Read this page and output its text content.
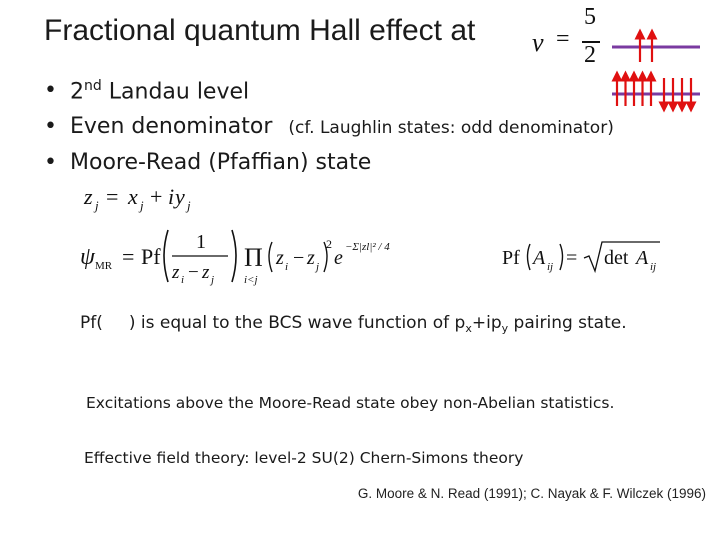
Fractional quantum Hall effect at ν =
5
2
• 2nd Landau level
• Even denominator (cf. Laughlin states: odd denominator)
• Moore-Read (Pfaffian) state
z j = x j + i y j
ψ MR = Pf
1
z i − z j
Π
i<j
z i − z j
2
e −Σ|zl|² / 4	Pf A ij = det A ij
Pf( ) is equal to the BCS wave function of $p_x+ip_y$ pairing state.
Excitations above the Moore-Read state obey non-Abelian statistics.
Effective field theory: level-2 SU(2) Chern-Simons theory
G. Moore & N. Read (1991); C. Nayak & F. Wilczek (1996)
